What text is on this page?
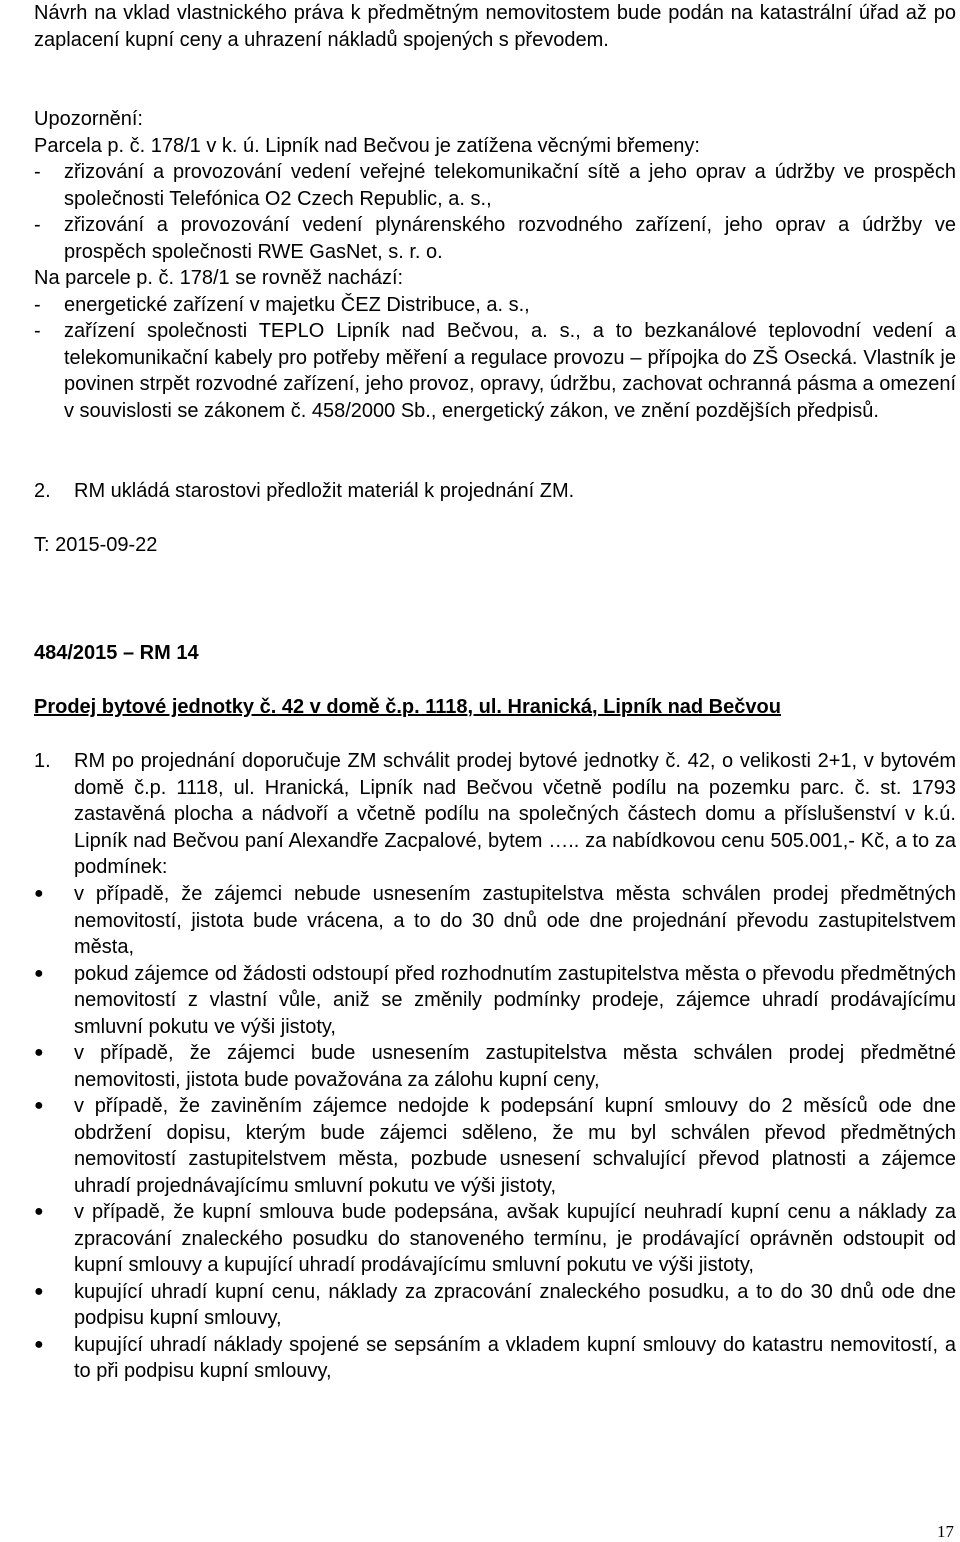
Návrh na vklad vlastnického práva k předmětným nemovitostem bude podán na katastrální úřad až po zaplacení kupní ceny a uhrazení nákladů spojených s převodem.

Upozornění:

Parcela p. č. 178/1 v k. ú. Lipník nad Bečvou je zatížena věcnými břemeny:

-	zřizování a provozování vedení veřejné telekomunikační sítě a jeho oprav a údržby ve prospěch společnosti Telefónica O2 Czech Republic, a. s.,
-	zřizování a provozování vedení plynárenského rozvodného zařízení, jeho oprav a údržby ve prospěch společnosti RWE GasNet, s. r. o.

Na parcele p. č. 178/1 se rovněž nachází:

-	energetické zařízení v majetku ČEZ Distribuce, a. s.,
-	zařízení společnosti TEPLO Lipník nad Bečvou, a. s., a to bezkanálové teplovodní vedení a telekomunikační kabely pro potřeby měření a regulace provozu – přípojka do ZŠ Osecká. Vlastník je povinen strpět rozvodné zařízení, jeho provoz, opravy, údržbu, zachovat ochranná pásma a omezení v souvislosti se zákonem č. 458/2000 Sb., energetický zákon, ve znění pozdějších předpisů.
2.	RM ukládá starostovi předložit materiál k projednání ZM.

T: 2015-09-22

484/2015 – RM 14

Prodej bytové jednotky č. 42 v domě č.p. 1118, ul. Hranická, Lipník nad Bečvou

1.	RM po projednání doporučuje ZM schválit prodej bytové jednotky č. 42, o velikosti 2+1, v bytovém domě č.p. 1118, ul. Hranická, Lipník nad Bečvou včetně podílu na pozemku parc. č. st. 1793 zastavěná plocha a nádvoří a včetně podílu na společných částech domu a příslušenství v k.ú. Lipník nad Bečvou paní Alexandře Zacpalové, bytem ….. za nabídkovou cenu 505.001,- Kč, a to za podmínek:
●	v případě, že zájemci nebude usnesením zastupitelstva města schválen prodej předmětných nemovitostí, jistota bude vrácena, a to do 30 dnů ode dne projednání převodu zastupitelstvem města,
●	pokud zájemce od žádosti odstoupí před rozhodnutím zastupitelstva města o převodu předmětných nemovitostí z vlastní vůle, aniž se změnily podmínky prodeje, zájemce uhradí prodávajícímu smluvní pokutu ve výši jistoty,
●	v případě, že zájemci bude usnesením zastupitelstva města schválen prodej předmětné nemovitosti, jistota bude považována za zálohu kupní ceny,
●	v případě, že zaviněním zájemce nedojde k podepsání kupní smlouvy do 2 měsíců ode dne obdržení dopisu, kterým bude zájemci sděleno, že mu byl schválen převod předmětných nemovitostí zastupitelstvem města, pozbude usnesení schvalující převod platnosti a zájemce uhradí projednávajícímu smluvní pokutu ve výši jistoty,
●	v případě, že kupní smlouva bude podepsána, avšak kupující neuhradí kupní cenu a náklady za zpracování znaleckého posudku do stanoveného termínu, je prodávající oprávněn odstoupit od kupní smlouvy a kupující uhradí prodávajícímu smluvní pokutu ve výši jistoty,
●	kupující uhradí kupní cenu, náklady za zpracování znaleckého posudku, a to do 30 dnů ode dne podpisu kupní smlouvy,
●	kupující uhradí náklady spojené se sepsáním a vkladem kupní smlouvy do katastru nemovitostí, a to při podpisu kupní smlouvy,
17
